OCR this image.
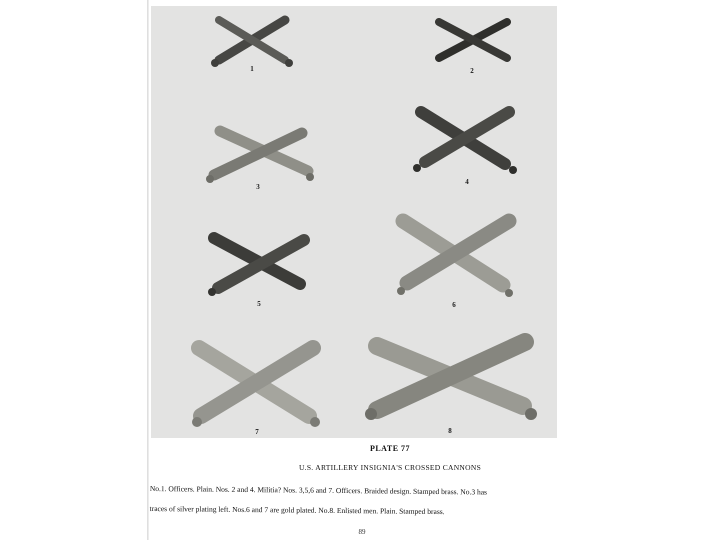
1	2
3
4
5	6
7	8
PLATE 77
U.S. ARTILLERY INSIGNIA'S CROSSED CANNONS

No.1. Officers. Plain. Nos. 2 and 4. Militia? Nos. 3,5,6 and 7. Officers. Braided design. Stamped brass. No.3 has

traces of silver plating left. Nos.6 and 7 are gold plated. No.8. Enlisted men. Plain. Stamped brass.

89
